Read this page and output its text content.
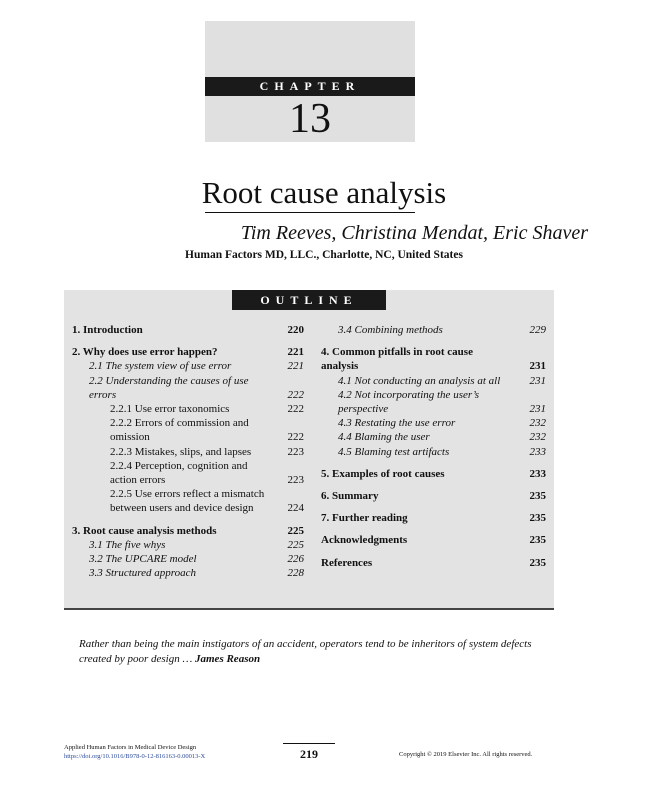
CHAPTER
13
Root cause analysis
Tim Reeves, Christina Mendat, Eric Shaver
Human Factors MD, LLC., Charlotte, NC, United States
OUTLINE
1. Introduction	220
2. Why does use error happen?	221
2.1 The system view of use error	221
2.2 Understanding the causes of use errors	222
2.2.1 Use error taxonomics	222
2.2.2 Errors of commission and omission	222
2.2.3 Mistakes, slips, and lapses	223
2.2.4 Perception, cognition and action errors	223
2.2.5 Use errors reflect a mismatch between users and device design	224
3. Root cause analysis methods	225
3.1 The five whys	225
3.2 The UPCARE model	226
3.3 Structured approach	228
3.4 Combining methods	229
4. Common pitfalls in root cause analysis	231
4.1 Not conducting an analysis at all	231
4.2 Not incorporating the user’s perspective	231
4.3 Restating the use error	232
4.4 Blaming the user	232
4.5 Blaming test artifacts	233
5. Examples of root causes	233
6. Summary	235
7. Further reading	235
Acknowledgments	235
References	235
Rather than being the main instigators of an accident, operators tend to be inheritors of system defects created by poor design … James Reason
Applied Human Factors in Medical Device Design
https://doi.org/10.1016/B978-0-12-816163-0.00013-X	219	Copyright © 2019 Elsevier Inc. All rights reserved.
